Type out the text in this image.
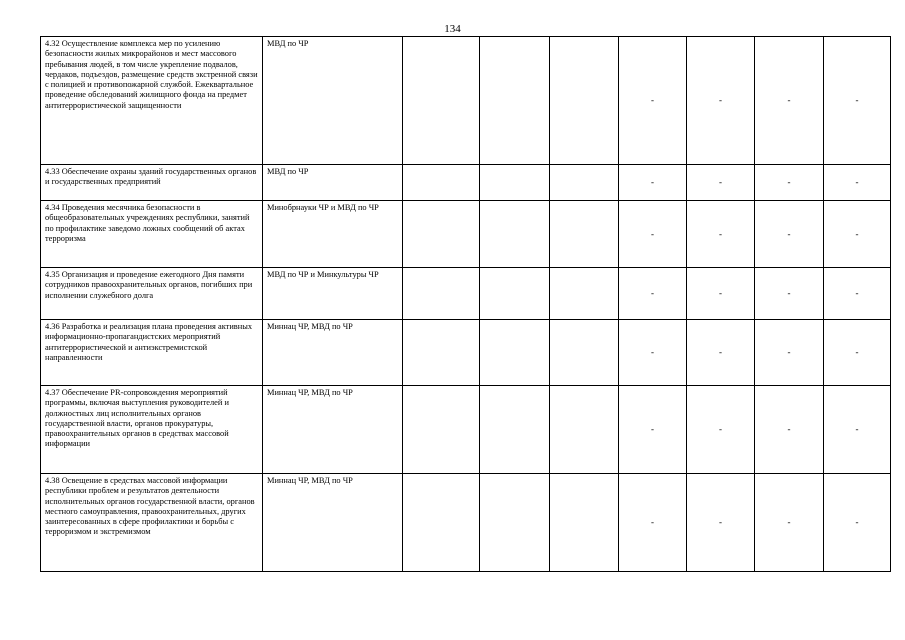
134
4.32 Осуществление комплекса мер по усилению безопасности жилых микрорайонов и мест массового пребывания людей, в том числе укрепление подвалов, чердаков, подъездов, размещение средств экстренной связи с полицией и противопожарной службой. Ежеквартальное проведение обследований жилищного фонда на предмет антитеррористической защищенности	МВД по ЧР				-	-	-	-
4.33 Обеспечение охраны зданий государственных органов и государственных предприятий	МВД по ЧР				-	-	-	-
4.34 Проведения месячника безопасности в общеобразовательных учреждениях республики, занятий по профилактике заведомо ложных сообщений об актах терроризма	Минобрнауки ЧР и МВД по ЧР				-	-	-	-
4.35 Организация и проведение ежегодного Дня памяти сотрудников правоохранительных органов, погибших при исполнении служебного долга	МВД по ЧР и Минкультуры ЧР				-	-	-	-
4.36 Разработка и реализация плана проведения активных информационно-пропагандистских мероприятий антитеррористической и антиэкстремистской направленности	Миннац ЧР, МВД по ЧР				-	-	-	-
4.37 Обеспечение PR-сопровождения мероприятий программы, включая выступления руководителей и должностных лиц исполнительных органов государственной власти, органов прокуратуры, правоохранительных органов в средствах массовой информации	Миннац ЧР, МВД по ЧР				-	-	-	-
4.38 Освещение в средствах массовой информации республики проблем и результатов деятельности исполнительных органов государственной власти, органов местного самоуправления, правоохранительных, других заинтересованных в сфере профилактики и борьбы с терроризмом и экстремизмом	Миннац ЧР, МВД по ЧР				-	-	-	-
